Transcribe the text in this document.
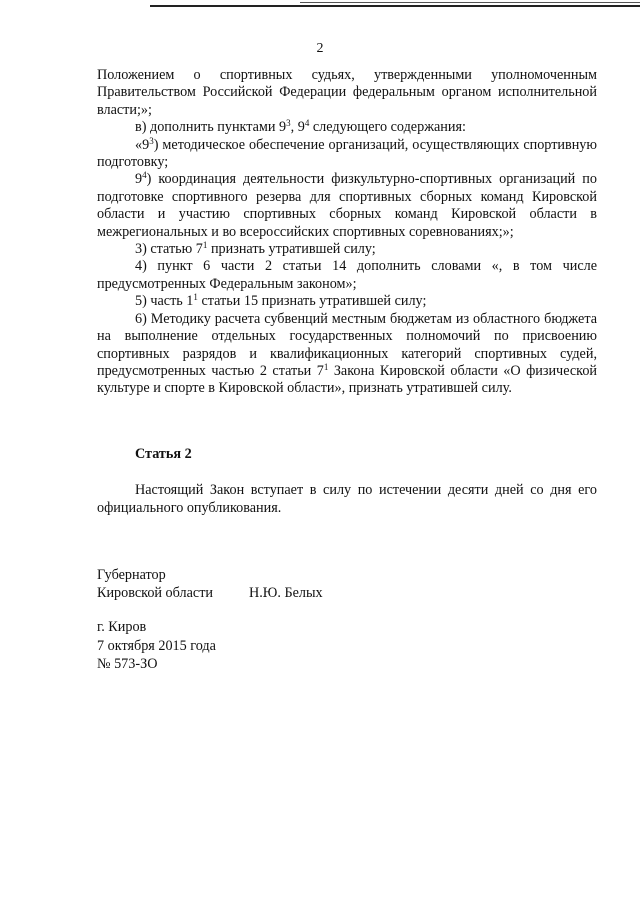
2

Положением о спортивных судьях, утвержденными уполномоченным Правительством Российской Федерации федеральным органом исполнительной власти;»;

в) дополнить пунктами $9^3$, $9^4$ следующего содержания:

«$9^3$) методическое обеспечение организаций, осуществляющих спортивную подготовку;

$9^4$) координация деятельности физкультурно-спортивных организаций по подготовке спортивного резерва для спортивных сборных команд Кировской области и участию спортивных сборных команд Кировской области в межрегиональных и во всероссийских спортивных соревнованиях;»;

3) статью $7^1$ признать утратившей силу;

4) пункт 6 части 2 статьи 14 дополнить словами «, в том числе предусмотренных Федеральным законом»;

5) часть $1^1$ статьи 15 признать утратившей силу;

6) Методику расчета субвенций местным бюджетам из областного бюджета на выполнение отдельных государственных полномочий по присвоению спортивных разрядов и квалификационных категорий спортивных судей, предусмотренных частью 2 статьи $7^1$ Закона Кировской области «О физической культуре и спорте в Кировской области», признать утратившей силу.

Статья 2

Настоящий Закон вступает в силу по истечении десяти дней со дня его официального опубликования.

Губернатор
Кировской области	Н.Ю. Белых
г. Киров
7 октября 2015 года
№ 573-ЗО
